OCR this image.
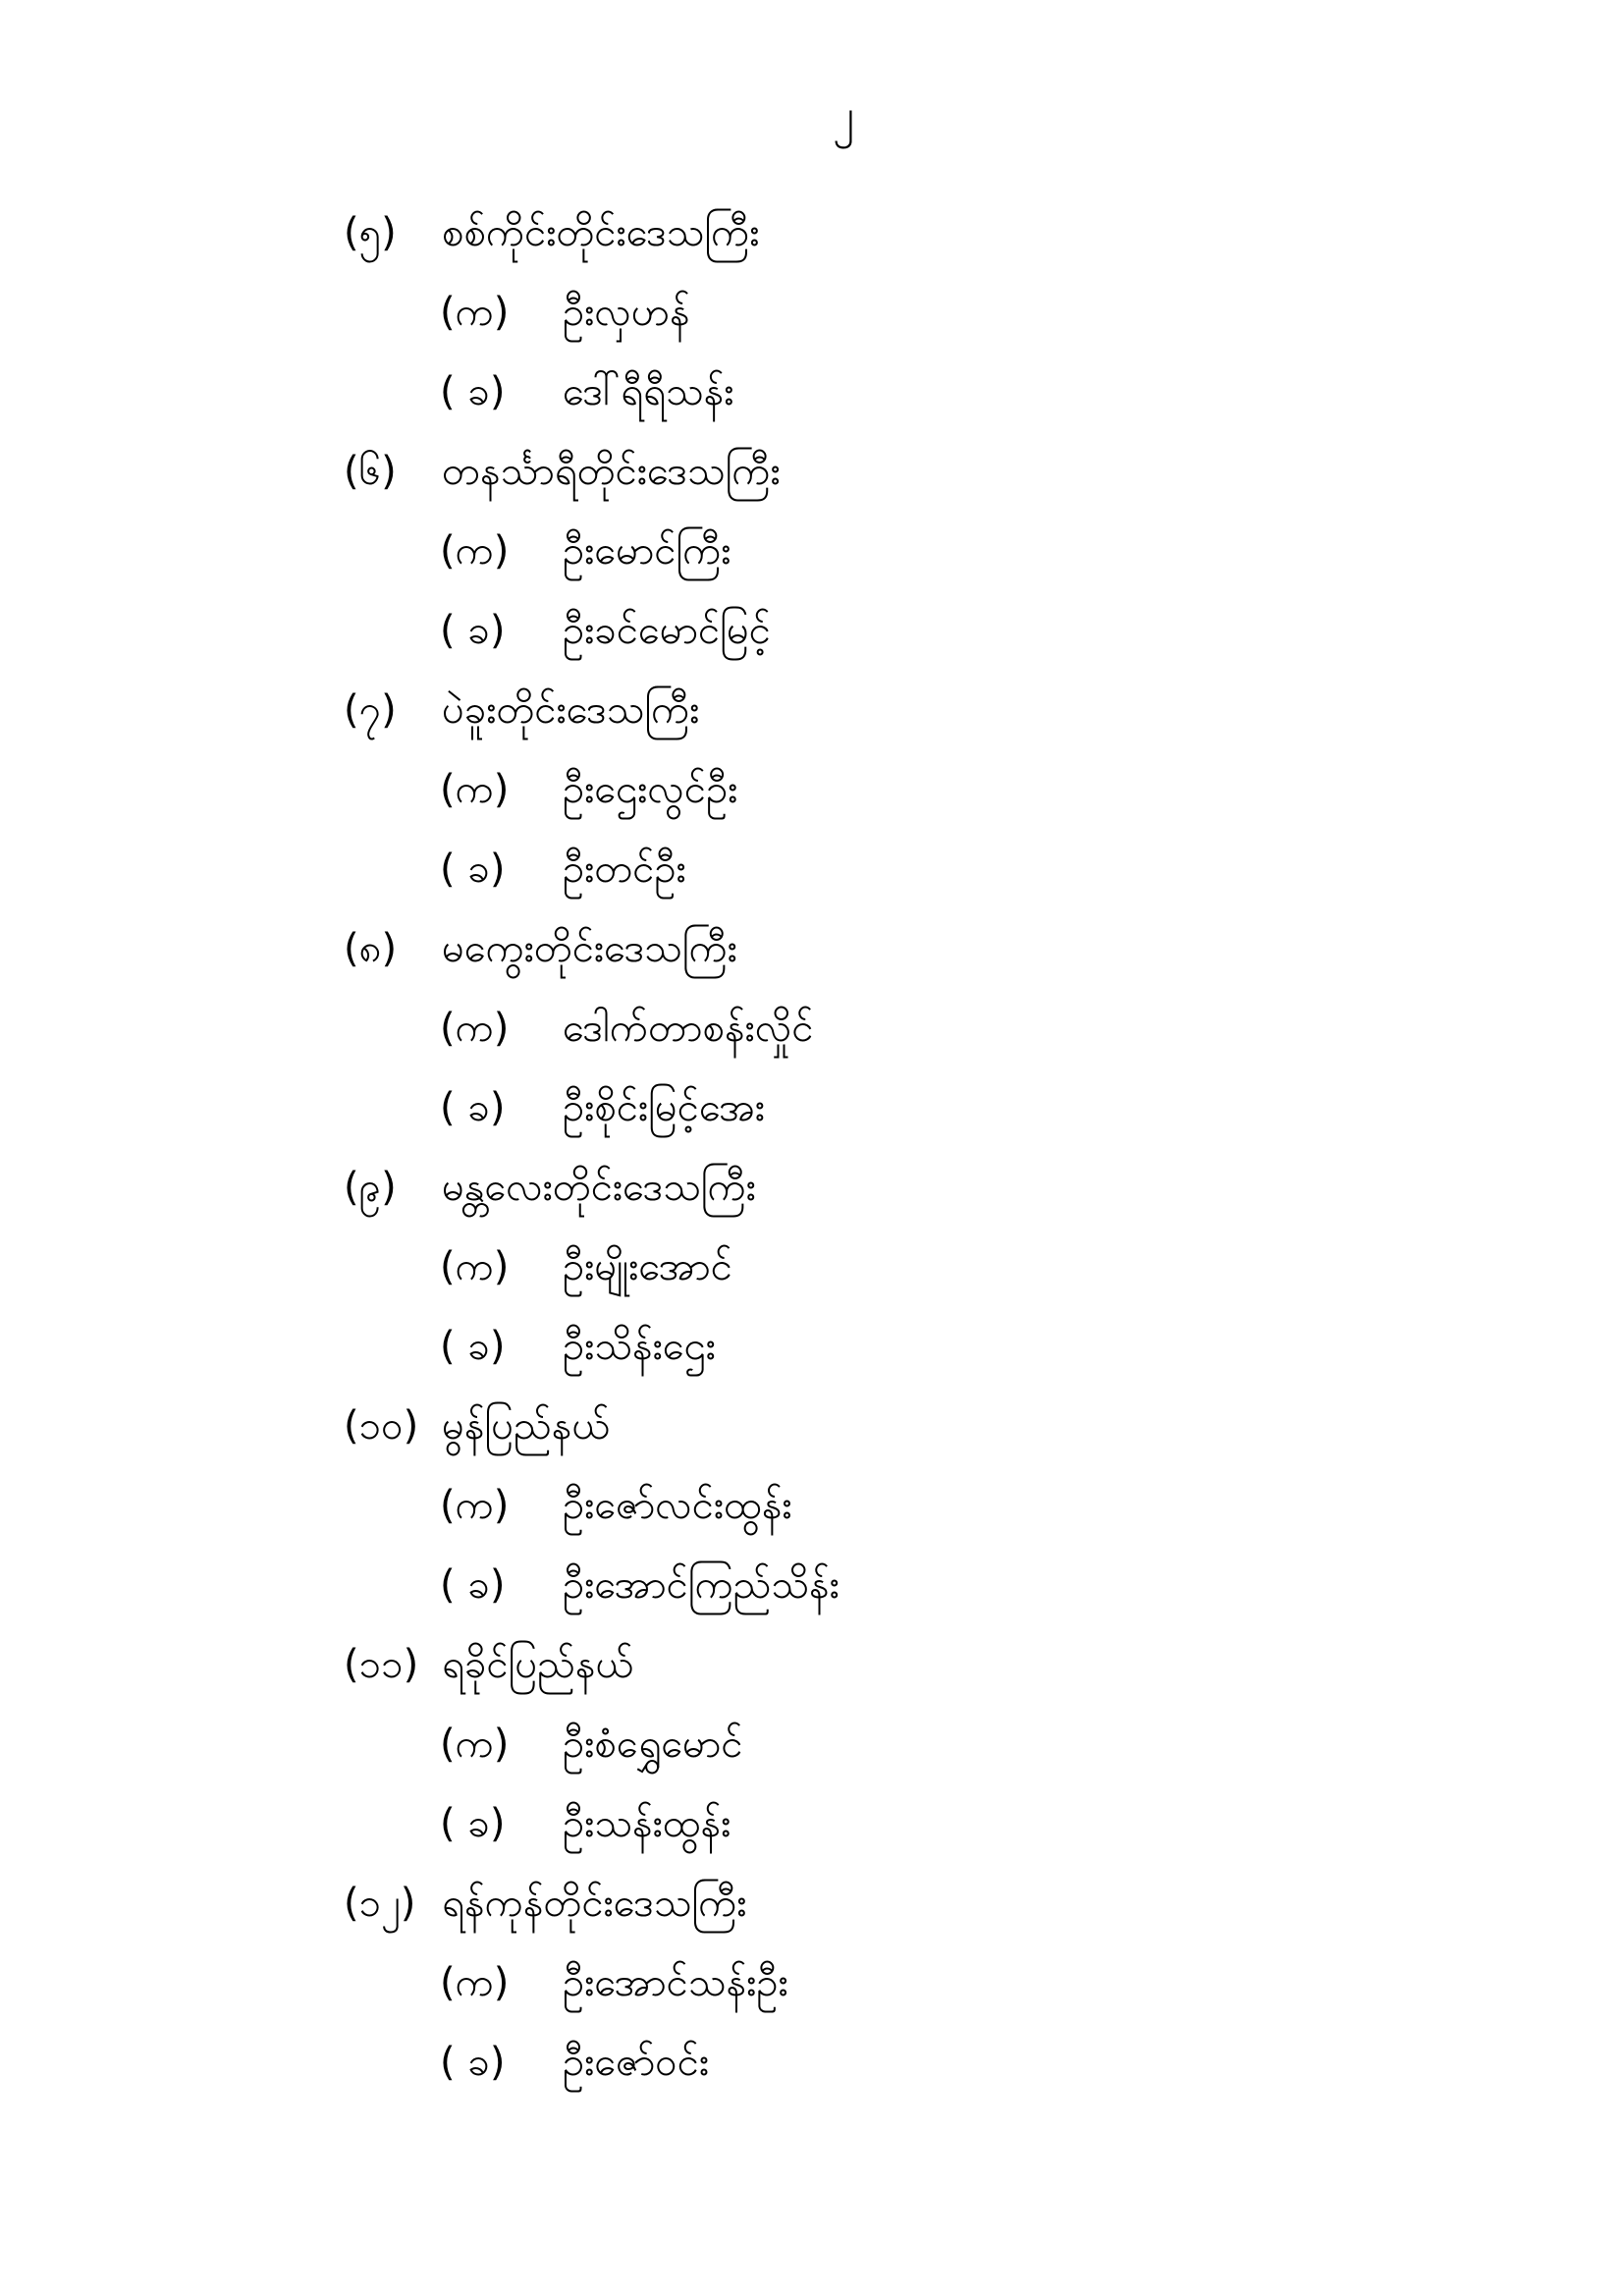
၂
(၅)	စစ်ကိုင်းတိုင်းဒေသကြီး
(က)	ဦးလှဟန်
( ခ)	ဒေါ်ရီရီသန်း
(၆)	တနင်္သာရီတိုင်းဒေသကြီး
(က)	ဦးမောင်ကြီး
( ခ)	ဦးခင်မောင်မြင့်
(၇)	ပဲခူးတိုင်းဒေသကြီး
(က)	ဦးဌေးလွင်ဦး
( ခ)	ဦးတင်ဦး
(၈)	မကွေးတိုင်းဒေသကြီး
(က)	ဒေါက်တာစန်းလှိုင်
( ခ)	ဦးစိုင်းမြင့်အေး
(၉)	မန္တလေးတိုင်းဒေသကြီး
(က)	ဦးမျိုးအောင်
( ခ)	ဦးသိန်းဌေး
(၁၀) မွန်ပြည်နယ်
(က)	ဦးဇော်လင်းထွန်း
( ခ)	ဦးအောင်ကြည်သိန်း
(၁၁) ရခိုင်ပြည်နယ်
(က)	ဦးစံရွှေမောင်
( ခ)	ဦးသန်းထွန်း
(၁၂) ရန်ကုန်တိုင်းဒေသကြီး
(က)	ဦးအောင်သန်းဦး
( ခ)	ဦးဇော်ဝင်း
